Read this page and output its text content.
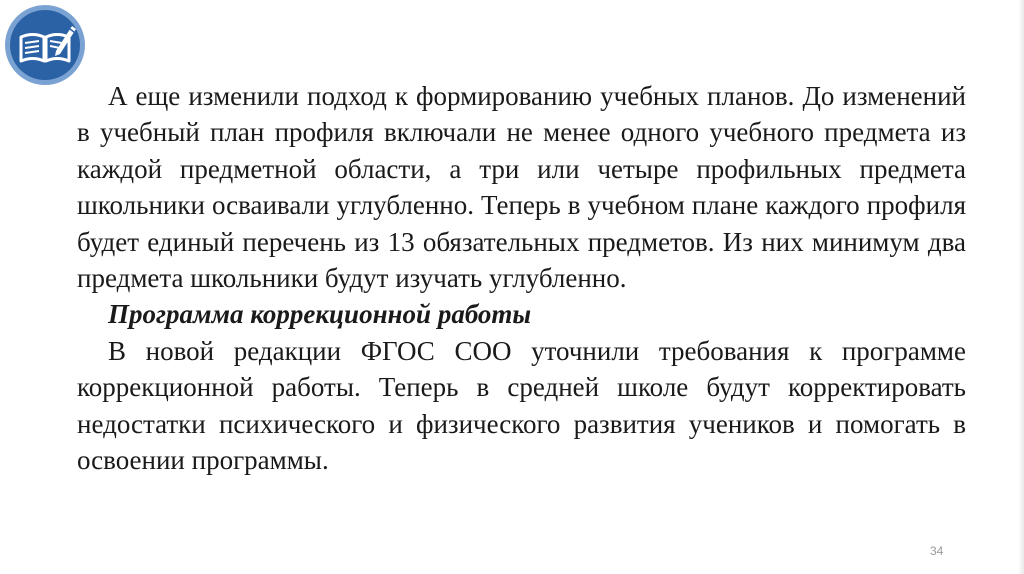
А еще изменили подход к формированию учебных планов. До изменений в учебный план профиля включали не менее одного учебного предмета из каждой предметной области, а три или четыре профильных предмета школьники осваивали углубленно. Теперь в учебном плане каждого профиля будет единый перечень из 13 обязательных предметов. Из них минимум два предмета школьники будут изучать углубленно.

Программа коррекционной работы

В новой редакции ФГОС СОО уточнили требования к программе коррекционной работы. Теперь в средней школе будут корректировать недостатки психического и физического развития учеников и помогать в освоении программы.

34
